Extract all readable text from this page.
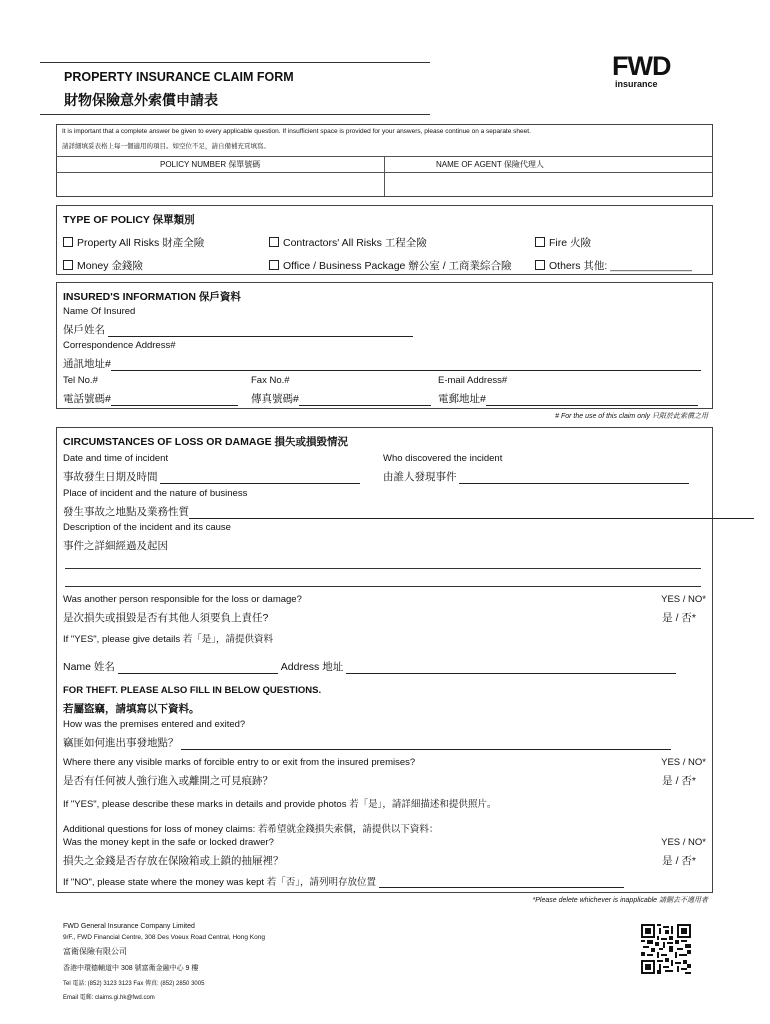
PROPERTY INSURANCE CLAIM FORM
財物保險意外索償申請表
FWD
insurance
It is important that a complete answer be given to every applicable question. If insufficient space is provided for your answers, please continue on a separate sheet.
請詳細填妥表格上每一個適用的項目。如空位不足，請自備補充頁填寫。
POLICY NUMBER 保單號碼	NAME OF AGENT 保險代理人
TYPE OF POLICY 保單類別
Property All Risks 財產全險	Contractors' All Risks 工程全險	Fire 火險
Money 金錢險	Office / Business Package 辦公室 / 工商業綜合險	Others 其他: ______________
INSURED'S INFORMATION 保戶資料
Name Of Insured
保戶姓名
Correspondence Address#
通訊地址#
Tel No.#	Fax No.#	E-mail Address#
電話號碼#	傳真號碼#	電郵地址#
# For the use of this claim only 只限於此索償之用
CIRCUMSTANCES OF LOSS OR DAMAGE 損失或損毀情況
Date and time of incident	Who discovered the incident
事故發生日期及時間	由誰人發現事件
Place of incident and the nature of business
發生事故之地點及業務性質
Description of the incident and its cause
事件之詳細經過及起因
Was another person responsible for the loss or damage?	YES / NO*
是次損失或損毀是否有其他人須要負上責任?	是 / 否*
If "YES", please give details 若「是」，請提供資料
Name 姓名	Address 地址
FOR THEFT. PLEASE ALSO FILL IN BELOW QUESTIONS.
若屬盜竊，請填寫以下資料。
How was the premises entered and exited?
竊匪如何進出事發地點？
Where there any visible marks of forcible entry to or exit from the insured premises?	YES / NO*
是否有任何被人強行進入或離開之可見痕跡？	是 / 否*
If "YES", please describe these marks in details and provide photos 若「是」，請詳細描述和提供照片。
Additional questions for loss of money claims: 若希望就金錢損失索償，請提供以下資料：
Was the money kept in the safe or locked drawer?	YES / NO*
損失之金錢是否存放在保險箱或上鎖的抽屜裡？	是 / 否*
If "NO", please state where the money was kept 若「否」，請列明存放位置
*Please delete whichever is inapplicable 請刪去不適用者
FWD General Insurance Company Limited
9/F., FWD Financial Centre, 308 Des Voeux Road Central, Hong Kong
富衛保險有限公司
香港中環德輔道中 308 號富衛金融中心 9 樓
Tel 電話: (852) 3123 3123 Fax 傳真: (852) 2850 3005
Email 電郵: claims.gi.hk@fwd.com
